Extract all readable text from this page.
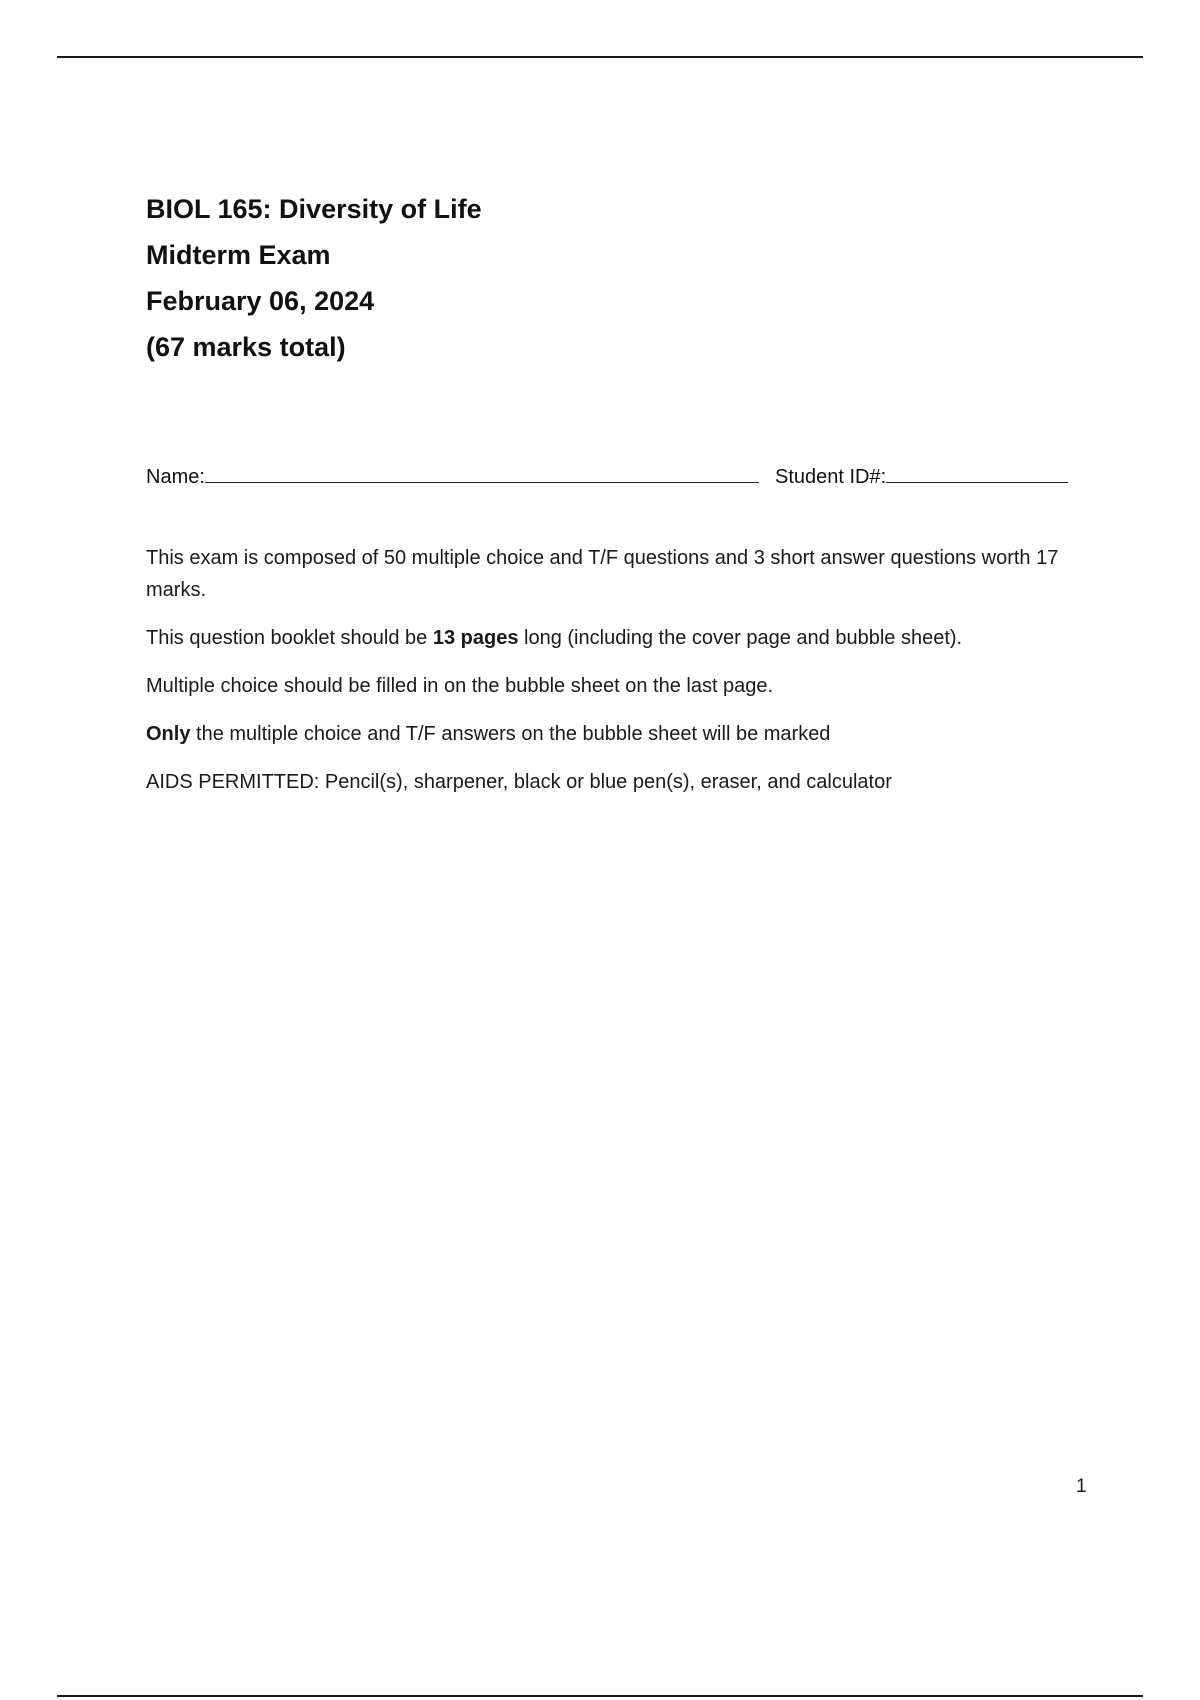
BIOL 165: Diversity of Life
Midterm Exam
February 06, 2024
(67 marks total)
Name:	Student ID#:

This exam is composed of 50 multiple choice and T/F questions and 3 short answer questions worth 17 marks.

This question booklet should be 13 pages long (including the cover page and bubble sheet).

Multiple choice should be filled in on the bubble sheet on the last page.

Only the multiple choice and T/F answers on the bubble sheet will be marked

AIDS PERMITTED: Pencil(s), sharpener, black or blue pen(s), eraser, and calculator

1
